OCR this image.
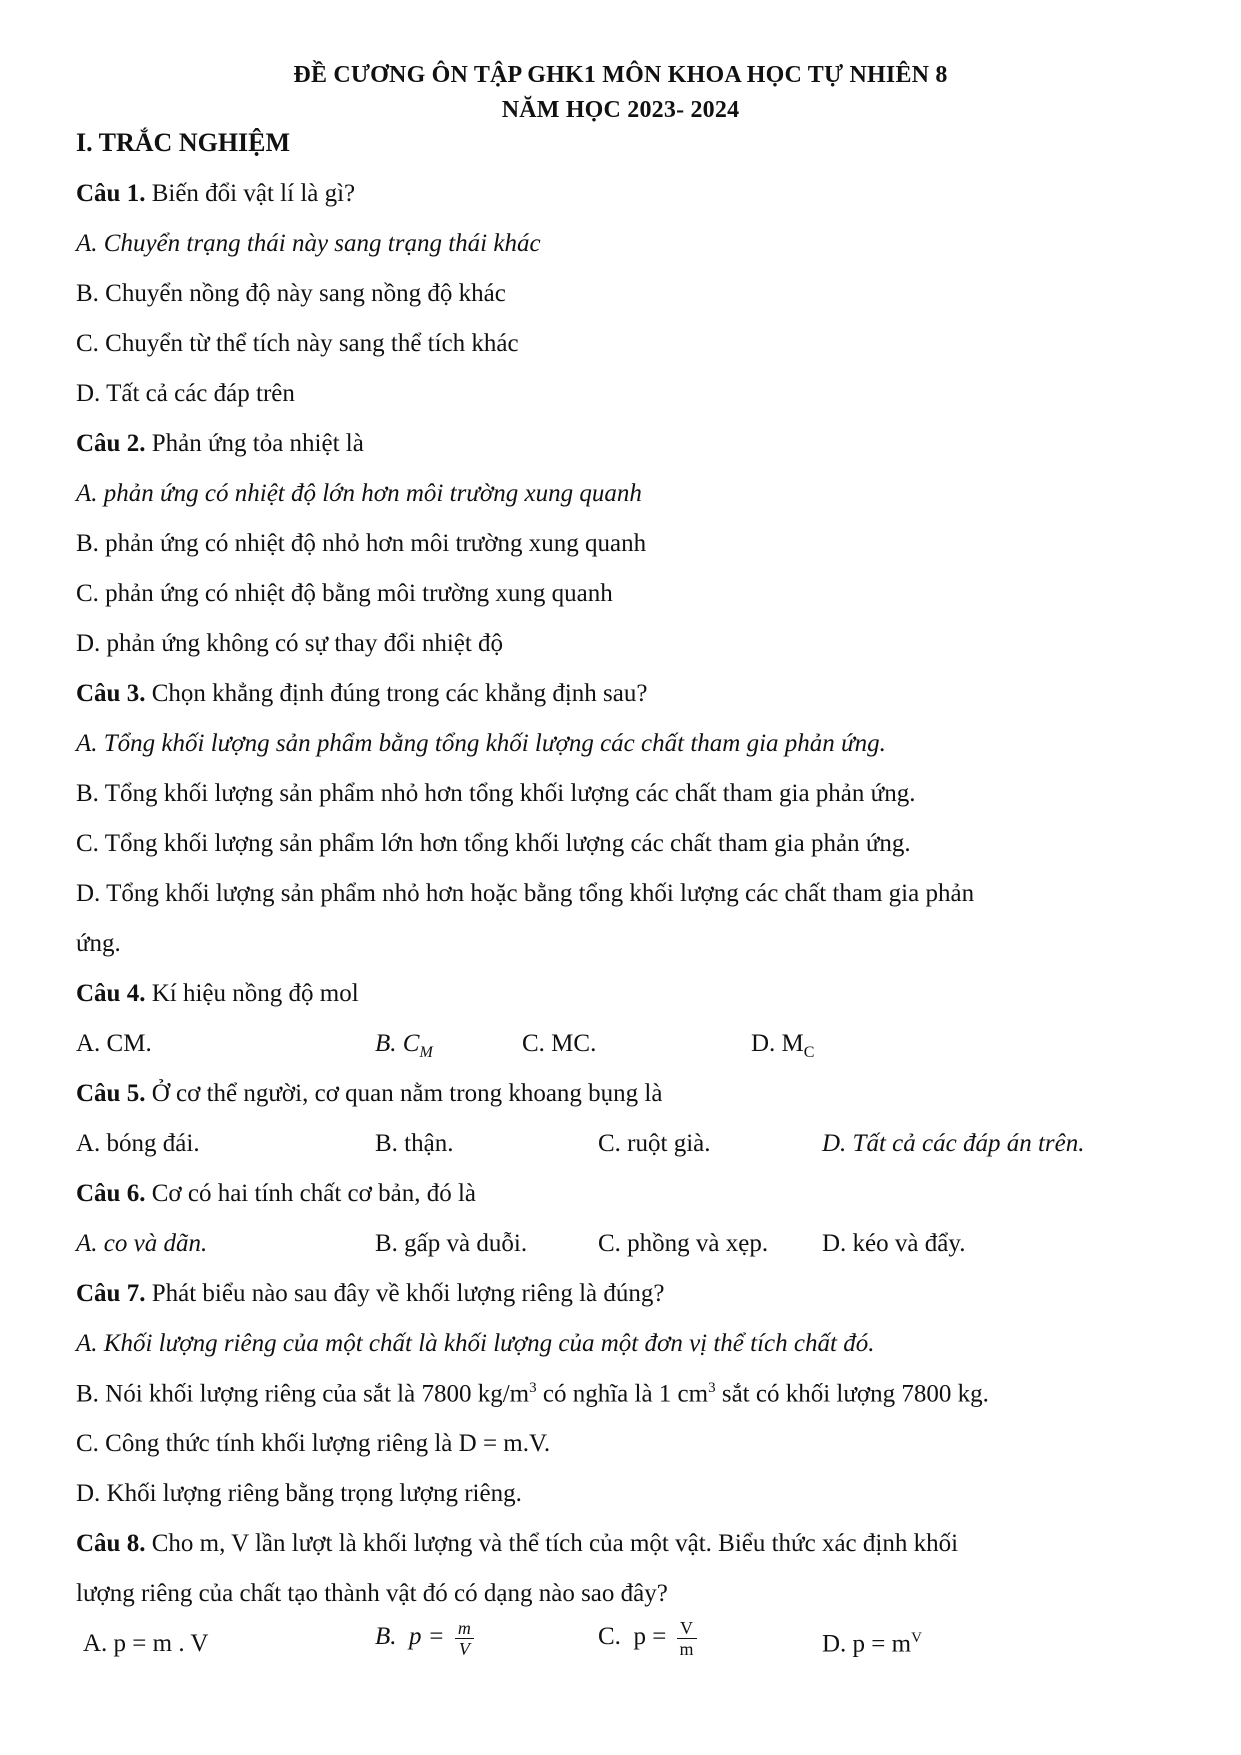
ĐỀ CƯƠNG ÔN TẬP GHK1 MÔN KHOA HỌC TỰ NHIÊN 8
NĂM HỌC 2023- 2024
I. TRẮC NGHIỆM
Câu 1. Biến đổi vật lí là gì?
A. Chuyển trạng thái này sang trạng thái khác
B. Chuyển nồng độ này sang nồng độ khác
C. Chuyển từ thể tích này sang thể tích khác
D. Tất cả các đáp trên
Câu 2. Phản ứng tỏa nhiệt là
A. phản ứng có nhiệt độ lớn hơn môi trường xung quanh
B. phản ứng có nhiệt độ nhỏ hơn môi trường xung quanh
C. phản ứng có nhiệt độ bằng môi trường xung quanh
D. phản ứng không có sự thay đổi nhiệt độ
Câu 3. Chọn khẳng định đúng trong các khẳng định sau?
A. Tổng khối lượng sản phẩm bằng tổng khối lượng các chất tham gia phản ứng.
B. Tổng khối lượng sản phẩm nhỏ hơn tổng khối lượng các chất tham gia phản ứng.
C. Tổng khối lượng sản phẩm lớn hơn tổng khối lượng các chất tham gia phản ứng.
D. Tổng khối lượng sản phẩm nhỏ hơn hoặc bằng tổng khối lượng các chất tham gia phản
ứng.
Câu 4. Kí hiệu nồng độ mol
A. CM.	B. $C_M$	C. MC.	D. $M_C$
Câu 5. Ở cơ thể người, cơ quan nằm trong khoang bụng là
A. bóng đái.	B. thận.	C. ruột già.	D. Tất cả các đáp án trên.
Câu 6. Cơ có hai tính chất cơ bản, đó là
A. co và dãn.	B. gấp và duỗi.	C. phồng và xẹp. D. kéo và đẩy.
Câu 7. Phát biểu nào sau đây về khối lượng riêng là đúng?
A. Khối lượng riêng của một chất là khối lượng của một đơn vị thể tích chất đó.
B. Nói khối lượng riêng của sắt là 7800 $kg/m^3$ có nghĩa là 1 $cm^3$ sắt có khối lượng 7800 kg.
C. Công thức tính khối lượng riêng là D = m.V.
D. Khối lượng riêng bằng trọng lượng riêng.
Câu 8. Cho m, V lần lượt là khối lượng và thể tích của một vật. Biểu thức xác định khối
lượng riêng của chất tạo thành vật đó có dạng nào sao đây?
A. p = m . V	B. $p = \frac{m}{V}$	C. $p = \frac{V}{m}$	D. $p = m^V$
